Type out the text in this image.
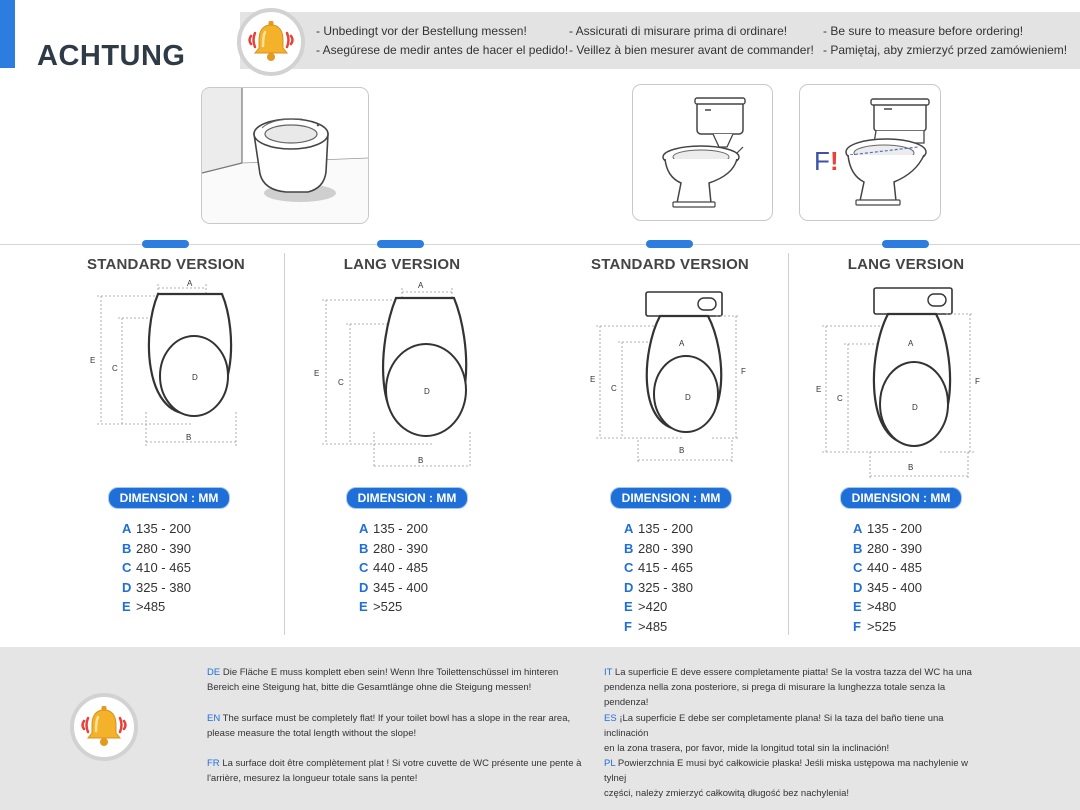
ACHTUNG
- Unbedingt vor der Bestellung messen!	- Assicurati di misurare prima di ordinare!	- Be sure to measure before ordering!
- Asegúrese de medir antes de hacer el pedido! - Veillez à bien mesurer avant de commander! - Pamiętaj, aby zmierzyć przed zamówieniem!
F !
STANDARD VERSION	LANG VERSION	STANDARD VERSION	LANG VERSION
A
B
C
D
E
A
B
C
D
E
A
B
C
D
E
F
A
B
C
D
E
F
DIMENSION : MM	DIMENSION : MM	DIMENSION : MM	DIMENSION : MM
A 135 - 200
B 280 - 390
C 410 - 465
D 325 - 380
E >485
A 135 - 200
B 280 - 390
C 440 - 485
D 345 - 400
E >525
A 135 - 200
B 280 - 390
C 415 - 465
D 325 - 380
E >420
F >485
A 135 - 200
B 280 - 390
C 440 - 485
D 345 - 400
E >480
F >525
DE Die Fläche E muss komplett eben sein! Wenn Ihre Toilettenschüssel im hinteren
Bereich eine Steigung hat, bitte die Gesamtlänge ohne die Steigung messen!
IT La superficie E deve essere completamente piatta! Se la vostra tazza del WC ha una
pendenza nella zona posteriore, si prega di misurare la lunghezza totale senza la pendenza!
EN The surface must be completely flat! If your toilet bowl has a slope in the rear area,
please measure the total length without the slope!
ES ¡La superficie E debe ser completamente plana! Si la taza del baño tiene una inclinación
en la zona trasera, por favor, mide la longitud total sin la inclinación!
FR La surface doit être complètement plat ! Si votre cuvette de WC présente une pente à
l'arrière, mesurez la longueur totale sans la pente!
PL Powierzchnia E musi być całkowicie płaska! Jeśli miska ustępowa ma nachylenie w tylnej
części, należy zmierzyć całkowitą długość bez nachylenia!
